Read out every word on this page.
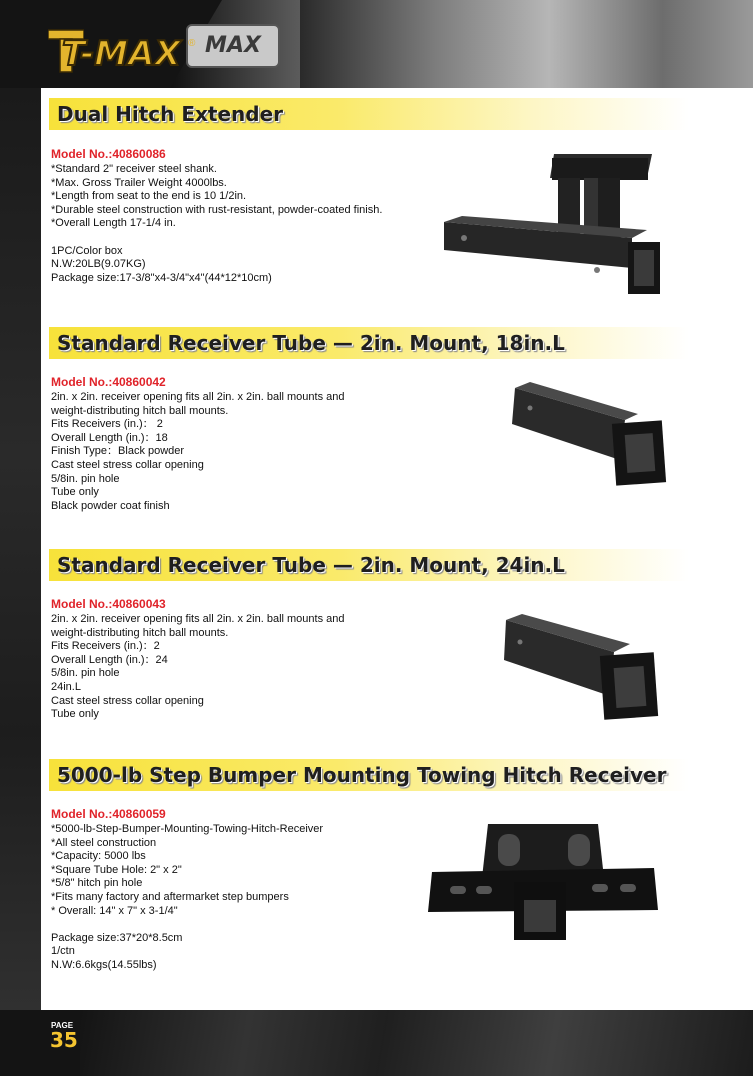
MAX
T-MAX ®
Dual Hitch Extender
Model No.:40860086
*Standard 2" receiver steel shank.
*Max. Gross Trailer Weight 4000lbs.
*Length from seat to the end is 10 1/2in.
*Durable steel construction with rust-resistant, powder-coated finish.
*Overall Length 17-1/4 in.
1PC/Color box
N.W:20LB(9.07KG)
Package size:17-3/8"x4-3/4"x4"(44*12*10cm)
Standard Receiver Tube — 2in. Mount, 18in.L
Model No.:40860042
2in. x 2in. receiver opening fits all 2in. x 2in. ball mounts and
weight-distributing hitch ball mounts.
Fits Receivers (in.)： 2
Overall Length (in.)：18
Finish Type：Black powder
Cast steel stress collar opening
5/8in. pin hole
Tube only
Black powder coat finish
Standard Receiver Tube — 2in. Mount, 24in.L
Model No.:40860043
2in. x 2in. receiver opening fits all 2in. x 2in. ball mounts and
weight-distributing hitch ball mounts.
Fits Receivers (in.)：2
Overall Length (in.)：24
5/8in. pin hole
24in.L
Cast steel stress collar opening
Tube only
5000-lb Step Bumper Mounting Towing Hitch Receiver
Model No.:40860059
*5000-lb-Step-Bumper-Mounting-Towing-Hitch-Receiver
*All steel construction
*Capacity: 5000 lbs
*Square Tube Hole: 2" x 2"
*5/8" hitch pin hole
*Fits many factory and aftermarket step bumpers
* Overall: 14" x 7" x 3-1/4"
Package size:37*20*8.5cm
1/ctn
N.W:6.6kgs(14.55lbs)
PAGE
35
